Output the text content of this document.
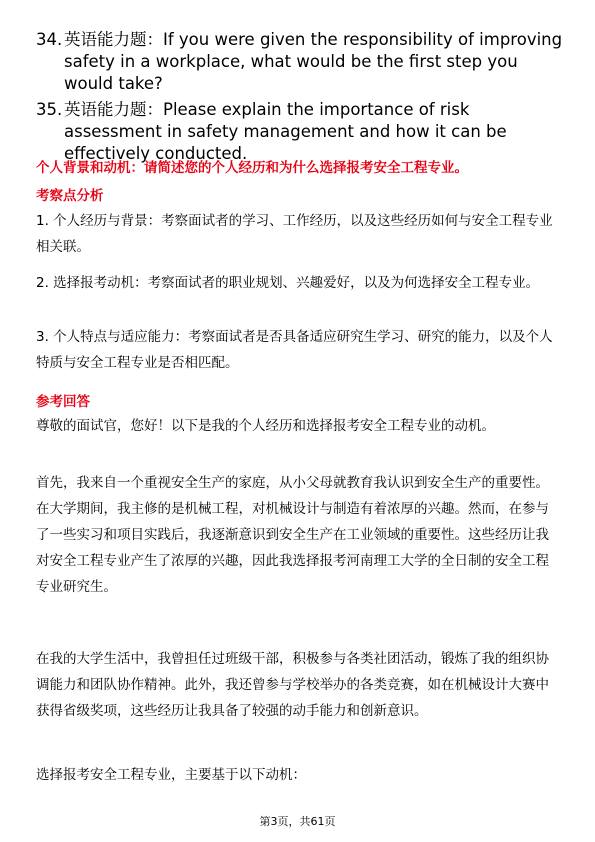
34. 英语能力题：If you were given the responsibility of improving safety in a workplace, what would be the first step you would take?
35. 英语能力题：Please explain the importance of risk assessment in safety management and how it can be effectively conducted.
个人背景和动机：请简述您的个人经历和为什么选择报考安全工程专业。
考察点分析
1. 个人经历与背景：考察面试者的学习、工作经历，以及这些经历如何与安全工程专业相关联。
2. 选择报考动机：考察面试者的职业规划、兴趣爱好，以及为何选择安全工程专业。
3. 个人特点与适应能力：考察面试者是否具备适应研究生学习、研究的能力，以及个人特质与安全工程专业是否相匹配。
参考回答
尊敬的面试官，您好！以下是我的个人经历和选择报考安全工程专业的动机。
首先，我来自一个重视安全生产的家庭，从小父母就教育我认识到安全生产的重要性。在大学期间，我主修的是机械工程，对机械设计与制造有着浓厚的兴趣。然而，在参与了一些实习和项目实践后，我逐渐意识到安全生产在工业领域的重要性。这些经历让我对安全工程专业产生了浓厚的兴趣，因此我选择报考河南理工大学的全日制的安全工程专业研究生。
在我的大学生活中，我曾担任过班级干部，积极参与各类社团活动，锻炼了我的组织协调能力和团队协作精神。此外，我还曾参与学校举办的各类竞赛，如在机械设计大赛中获得省级奖项，这些经历让我具备了较强的动手能力和创新意识。
选择报考安全工程专业，主要基于以下动机：
第3页，共61页
